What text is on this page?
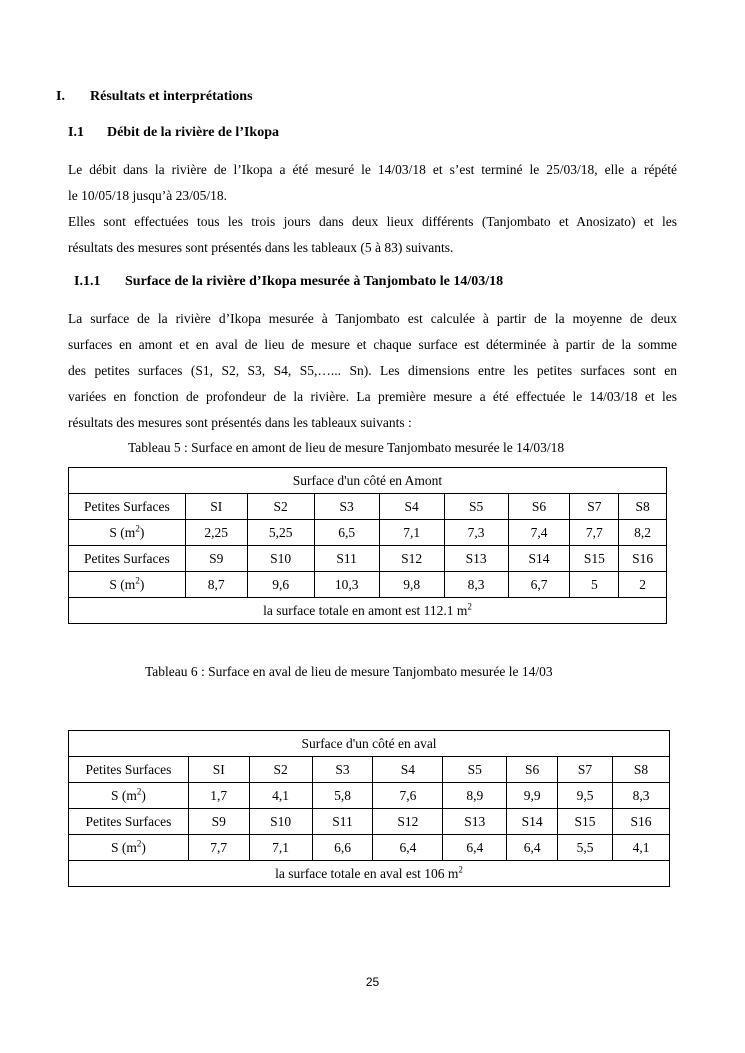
I. Résultats et interprétations
I.1 Débit de la rivière de l’Ikopa
Le débit dans la rivière de l’Ikopa a été mesuré le 14/03/18 et s’est terminé le 25/03/18, elle a répété
le 10/05/18 jusqu’à 23/05/18.
Elles sont effectuées tous les trois jours dans deux lieux différents (Tanjombato et Anosizato) et les
résultats des mesures sont présentés dans les tableaux (5 à 83) suivants.
I.1.1 Surface de la rivière d’Ikopa mesurée à Tanjombato le 14/03/18
La surface de la rivière d’Ikopa mesurée à Tanjombato est calculée à partir de la moyenne de deux
surfaces en amont et en aval de lieu de mesure et chaque surface est déterminée à partir de la somme
des petites surfaces (S1, S2, S3, S4, S5,…... Sn). Les dimensions entre les petites surfaces sont en
variées en fonction de profondeur de la rivière. La première mesure a été effectuée le 14/03/18 et les
résultats des mesures sont présentés dans les tableaux suivants :
Tableau 5 : Surface en amont de lieu de mesure Tanjombato mesurée le 14/03/18
Surface d'un côté en Amont								
Petites Surfaces	SI	S2	S3	S4	S5	S6	S7	S8
S $(m^2)$	2,25	5,25	6,5	7,1	7,3	7,4	7,7	8,2
Petites Surfaces	S9	S10	S11	S12	S13	S14	S15	S16
S $(m^2)$	8,7	9,6	10,3	9,8	8,3	6,7	5	2
la surface totale en amont est 112.1 $m^2$
Tableau 6 : Surface en aval de lieu de mesure Tanjombato mesurée le 14/03
Surface d'un côté en aval								
Petites Surfaces	SI	S2	S3	S4	S5	S6	S7	S8
S $(m^2)$	1,7	4,1	5,8	7,6	8,9	9,9	9,5	8,3
Petites Surfaces	S9	S10	S11	S12	S13	S14	S15	S16
S $(m^2)$	7,7	7,1	6,6	6,4	6,4	6,4	5,5	4,1
la surface totale en aval est 106 $m^2$
25
